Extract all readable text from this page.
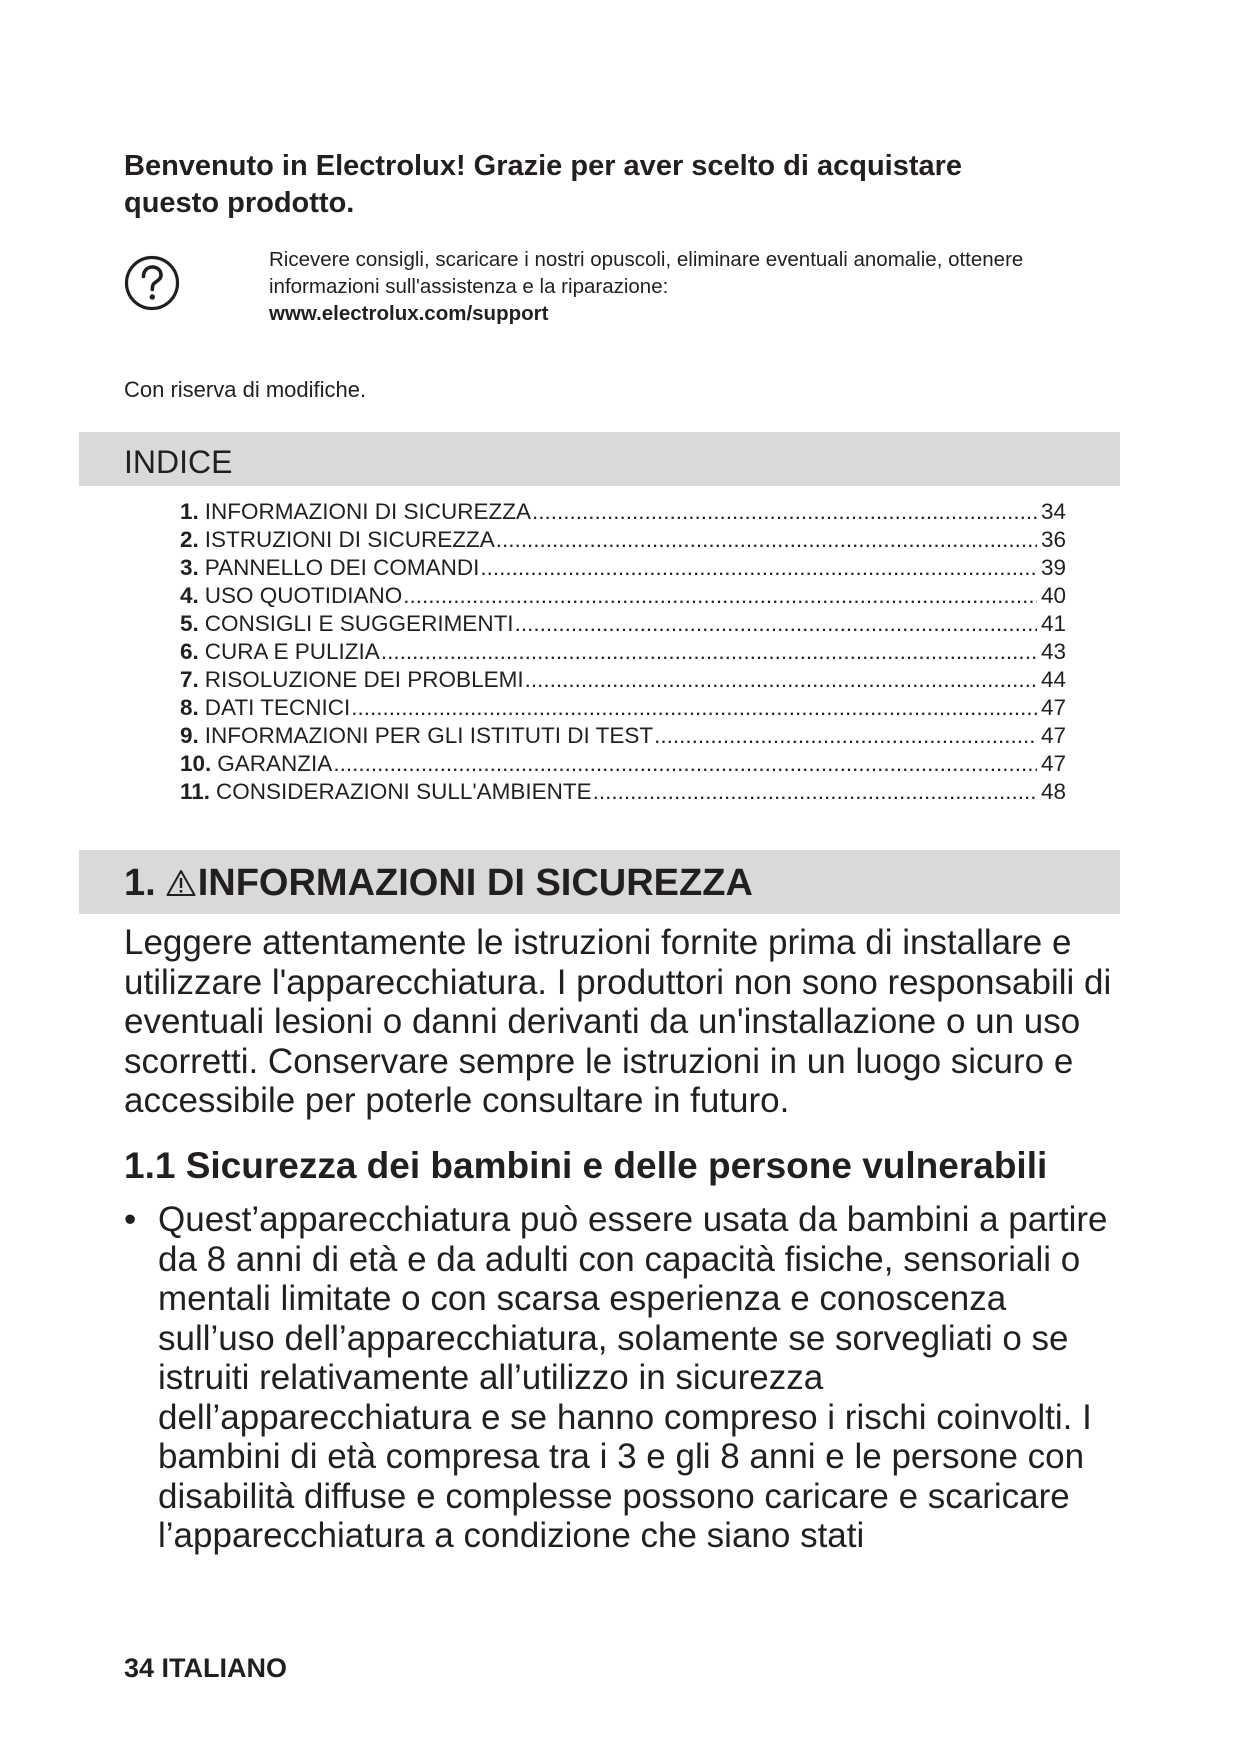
Benvenuto in Electrolux! Grazie per aver scelto di acquistare questo prodotto.
Ricevere consigli, scaricare i nostri opuscoli, eliminare eventuali anomalie, ottenere informazioni sull'assistenza e la riparazione:
www.electrolux.com/support
Con riserva di modifiche.
INDICE
1. INFORMAZIONI DI SICUREZZA .....	34
2. ISTRUZIONI DI SICUREZZA .....	36
3. PANNELLO DEI COMANDI .....	39
4. USO QUOTIDIANO .....	40
5. CONSIGLI E SUGGERIMENTI .....	41
6. CURA E PULIZIA .....	43
7. RISOLUZIONE DEI PROBLEMI .....	44
8. DATI TECNICI .....	47
9. INFORMAZIONI PER GLI ISTITUTI DI TEST .....	47
10. GARANZIA .....	47
11. CONSIDERAZIONI SULL'AMBIENTE .....	48
1. INFORMAZIONI DI SICUREZZA

Leggere attentamente le istruzioni fornite prima di installare e utilizzare l'apparecchiatura. I produttori non sono responsabili di eventuali lesioni o danni derivanti da un'installazione o un uso scorretti. Conservare sempre le istruzioni in un luogo sicuro e accessibile per poterle consultare in futuro.

1.1 Sicurezza dei bambini e delle persone vulnerabili
• Quest’apparecchiatura può essere usata da bambini a partire da 8 anni di età e da adulti con capacità fisiche, sensoriali o mentali limitate o con scarsa esperienza e conoscenza sull’uso dell’apparecchiatura, solamente se sorvegliati o se istruiti relativamente all’utilizzo in sicurezza dell’apparecchiatura e se hanno compreso i rischi coinvolti. I bambini di età compresa tra i 3 e gli 8 anni e le persone con disabilità diffuse e complesse possono caricare e scaricare l’apparecchiatura a condizione che siano stati
34 ITALIANO
